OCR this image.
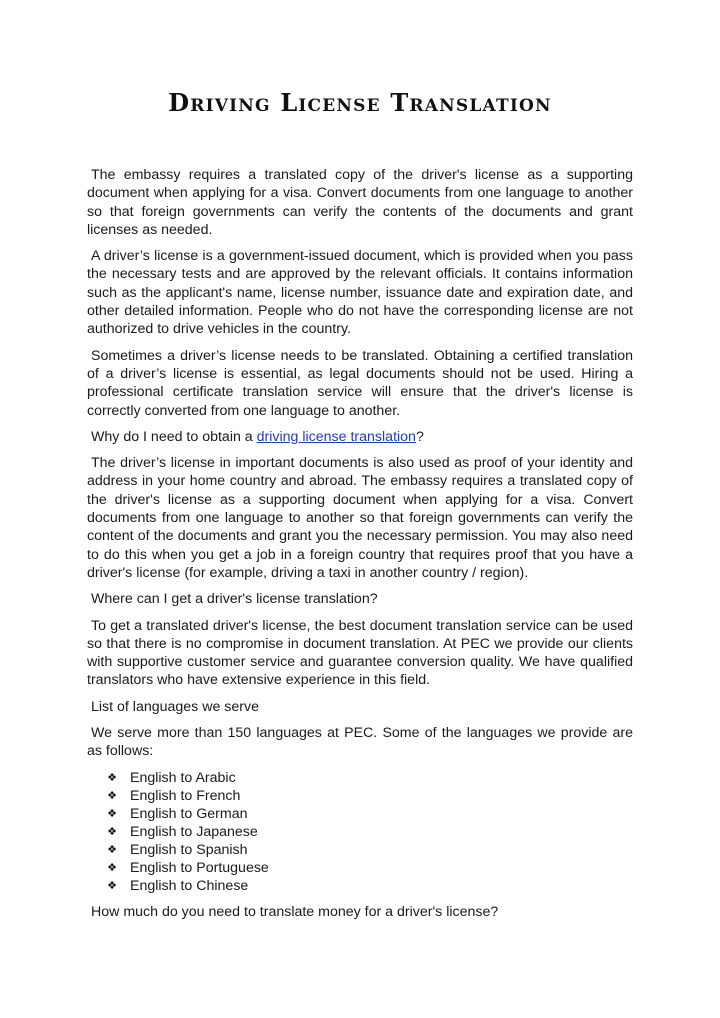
Driving License Translation

The embassy requires a translated copy of the driver's license as a supporting document when applying for a visa. Convert documents from one language to another so that foreign governments can verify the contents of the documents and grant licenses as needed.

A driver’s license is a government-issued document, which is provided when you pass the necessary tests and are approved by the relevant officials. It contains information such as the applicant's name, license number, issuance date and expiration date, and other detailed information. People who do not have the corresponding license are not authorized to drive vehicles in the country.

Sometimes a driver’s license needs to be translated. Obtaining a certified translation of a driver’s license is essential, as legal documents should not be used. Hiring a professional certificate translation service will ensure that the driver's license is correctly converted from one language to another.

Why do I need to obtain a driving license translation?

The driver’s license in important documents is also used as proof of your identity and address in your home country and abroad. The embassy requires a translated copy of the driver's license as a supporting document when applying for a visa. Convert documents from one language to another so that foreign governments can verify the content of the documents and grant you the necessary permission. You may also need to do this when you get a job in a foreign country that requires proof that you have a driver's license (for example, driving a taxi in another country / region).

Where can I get a driver's license translation?

To get a translated driver's license, the best document translation service can be used so that there is no compromise in document translation. At PEC we provide our clients with supportive customer service and guarantee conversion quality. We have qualified translators who have extensive experience in this field.

List of languages we serve

We serve more than 150 languages at PEC. Some of the languages we provide are as follows:

❖ English to Arabic
❖ English to French
❖ English to German
❖ English to Japanese
❖ English to Spanish
❖ English to Portuguese
❖ English to Chinese

How much do you need to translate money for a driver's license?
